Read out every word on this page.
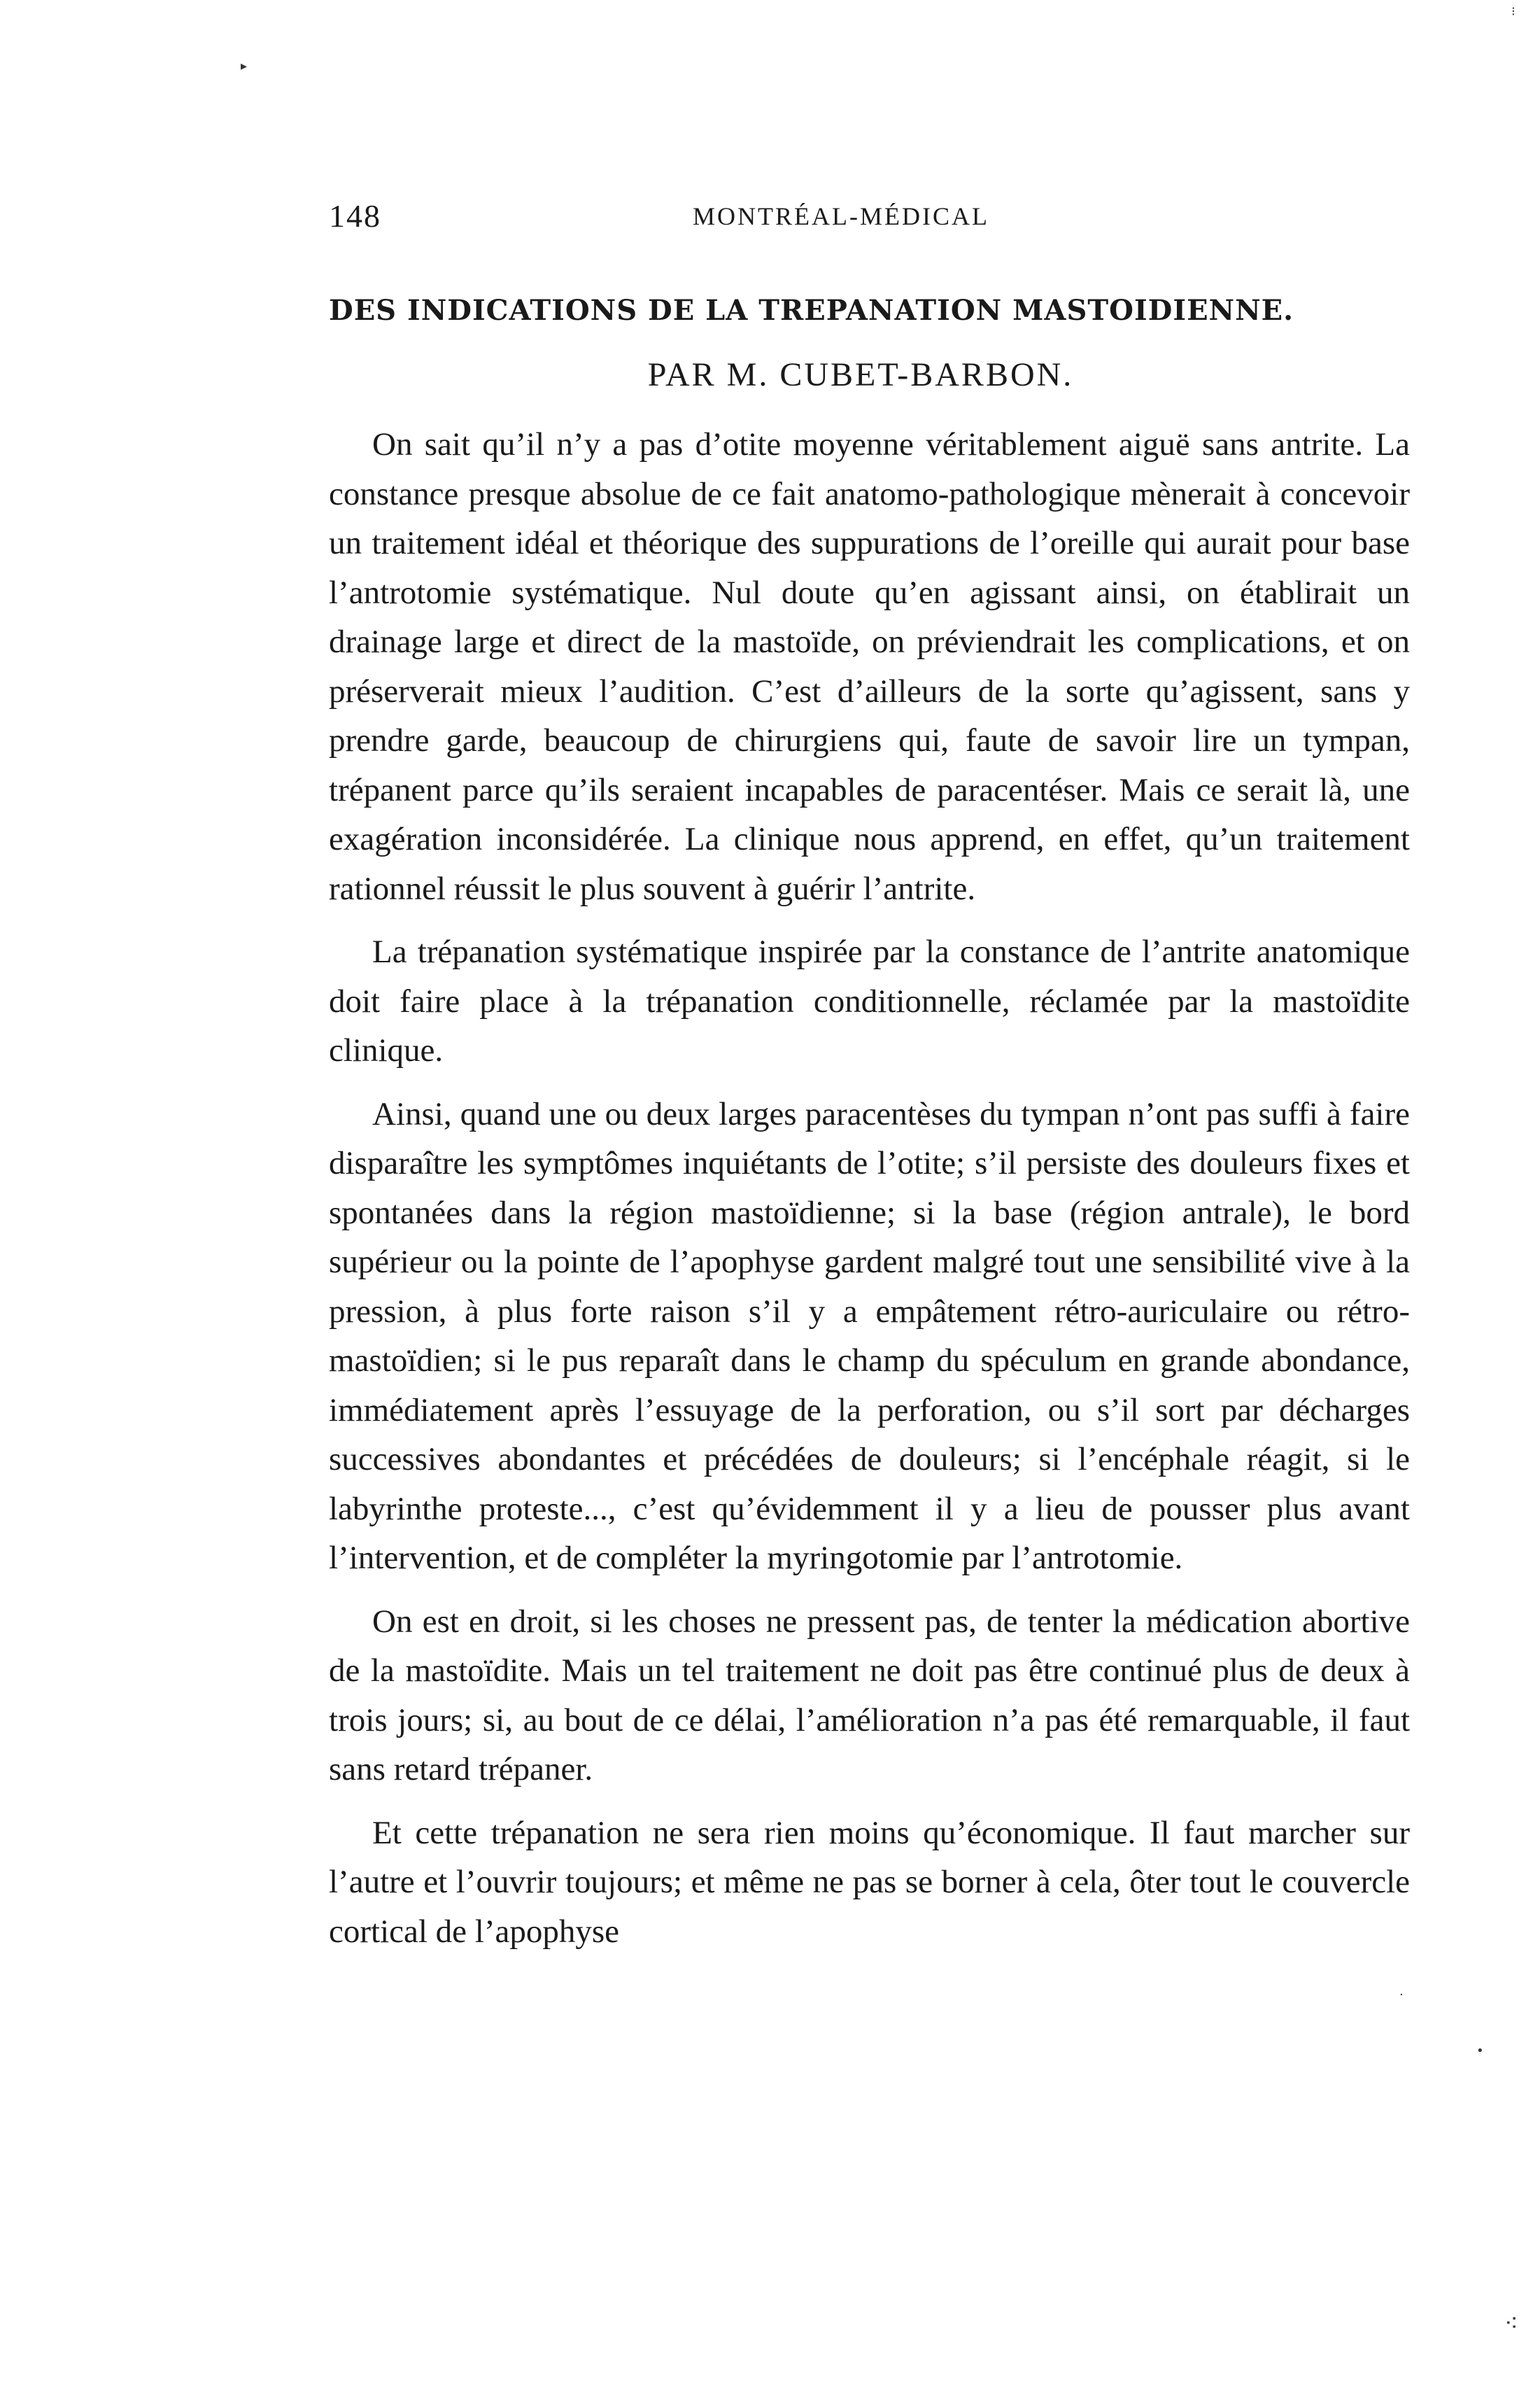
148	MONTRÉAL-MÉDICAL
DES INDICATIONS DE LA TREPANATION MASTOIDIENNE.
PAR M. CUBET-BARBON.

On sait qu’il n’y a pas d’otite moyenne véritablement aiguë sans antrite. La constance presque absolue de ce fait anatomo-pathologique mènerait à concevoir un traitement idéal et théorique des suppurations de l’oreille qui aurait pour base l’antrotomie systématique. Nul doute qu’en agissant ainsi, on établirait un drainage large et direct de la mastoïde, on préviendrait les complications, et on préserverait mieux l’audition. C’est d’ailleurs de la sorte qu’agissent, sans y prendre garde, beaucoup de chirurgiens qui, faute de savoir lire un tympan, trépanent parce qu’ils seraient incapables de paracentéser. Mais ce serait là, une exagération inconsidérée. La clinique nous apprend, en effet, qu’un traitement rationnel réussit le plus souvent à guérir l’antrite.

La trépanation systématique inspirée par la constance de l’antrite anatomique doit faire place à la trépanation conditionnelle, réclamée par la mastoïdite clinique.

Ainsi, quand une ou deux larges paracentèses du tympan n’ont pas suffi à faire disparaître les symptômes inquiétants de l’otite; s’il persiste des douleurs fixes et spontanées dans la région mastoïdienne; si la base (région antrale), le bord supérieur ou la pointe de l’apophyse gardent malgré tout une sensibilité vive à la pression, à plus forte raison s’il y a empâtement rétro-auriculaire ou rétro-mastoïdien; si le pus reparaît dans le champ du spéculum en grande abondance, immédiatement après l’essuyage de la perforation, ou s’il sort par décharges successives abondantes et précédées de douleurs; si l’encéphale réagit, si le labyrinthe proteste..., c’est qu’évidemment il y a lieu de pousser plus avant l’intervention, et de compléter la myringotomie par l’antrotomie.

On est en droit, si les choses ne pressent pas, de tenter la médication abortive de la mastoïdite. Mais un tel traitement ne doit pas être continué plus de deux à trois jours; si, au bout de ce délai, l’amélioration n’a pas été remarquable, il faut sans retard trépaner.

Et cette trépanation ne sera rien moins qu’économique. Il faut marcher sur l’autre et l’ouvrir toujours; et même ne pas se borner à cela, ôter tout le couvercle cortical de l’apophyse

▸
⁝
•
·
⁖
